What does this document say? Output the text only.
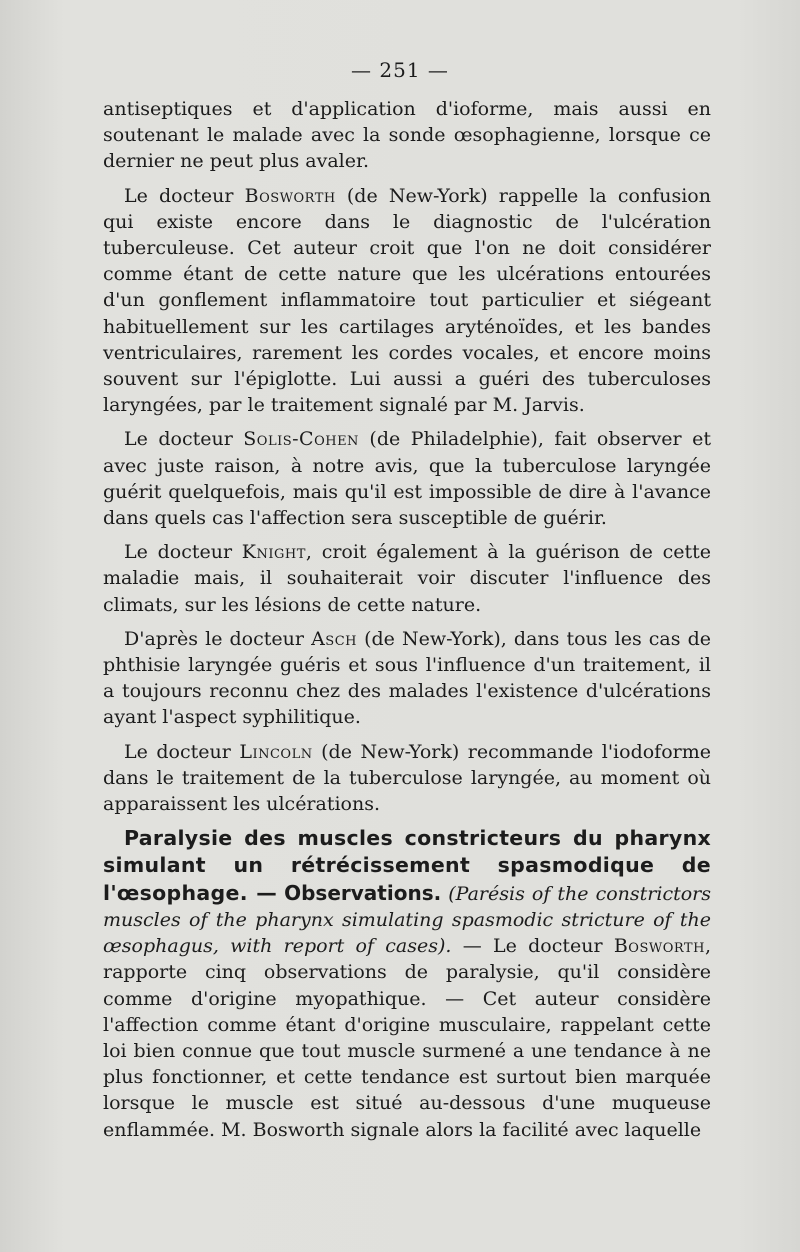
— 251 —

antiseptiques et d'application d'ioforme, mais aussi en soutenant le malade avec la sonde œsophagienne, lorsque ce dernier ne peut plus avaler.

Le docteur Bosworth (de New-York) rappelle la confusion qui existe encore dans le diagnostic de l'ulcération tuberculeuse. Cet auteur croit que l'on ne doit considérer comme étant de cette nature que les ulcérations entourées d'un gonflement inflammatoire tout particulier et siégeant habituellement sur les cartilages aryténoïdes, et les bandes ventriculaires, rarement les cordes vocales, et encore moins souvent sur l'épiglotte. Lui aussi a guéri des tuberculoses laryngées, par le traitement signalé par M. Jarvis.

Le docteur Solis-Cohen (de Philadelphie), fait observer et avec juste raison, à notre avis, que la tuberculose laryngée guérit quelquefois, mais qu'il est impossible de dire à l'avance dans quels cas l'affection sera susceptible de guérir.

Le docteur Knight, croit également à la guérison de cette maladie mais, il souhaiterait voir discuter l'influence des climats, sur les lésions de cette nature.

D'après le docteur Asch (de New-York), dans tous les cas de phthisie laryngée guéris et sous l'influence d'un traitement, il a toujours reconnu chez des malades l'existence d'ulcérations ayant l'aspect syphilitique.

Le docteur Lincoln (de New-York) recommande l'iodoforme dans le traitement de la tuberculose laryngée, au moment où apparaissent les ulcérations.

Paralysie des muscles constricteurs du pharynx simulant un rétrécissement spasmodique de l'œsophage. — Observations. (Parésis of the constrictors muscles of the pharynx simulating spasmodic stricture of the œsophagus, with report of cases). — Le docteur Bosworth, rapporte cinq observations de paralysie, qu'il considère comme d'origine myopathique. — Cet auteur considère l'affection comme étant d'origine musculaire, rappelant cette loi bien connue que tout muscle surmené a une tendance à ne plus fonctionner, et cette tendance est surtout bien marquée lorsque le muscle est situé au-dessous d'une muqueuse enflammée. M. Bosworth signale alors la facilité avec laquelle
